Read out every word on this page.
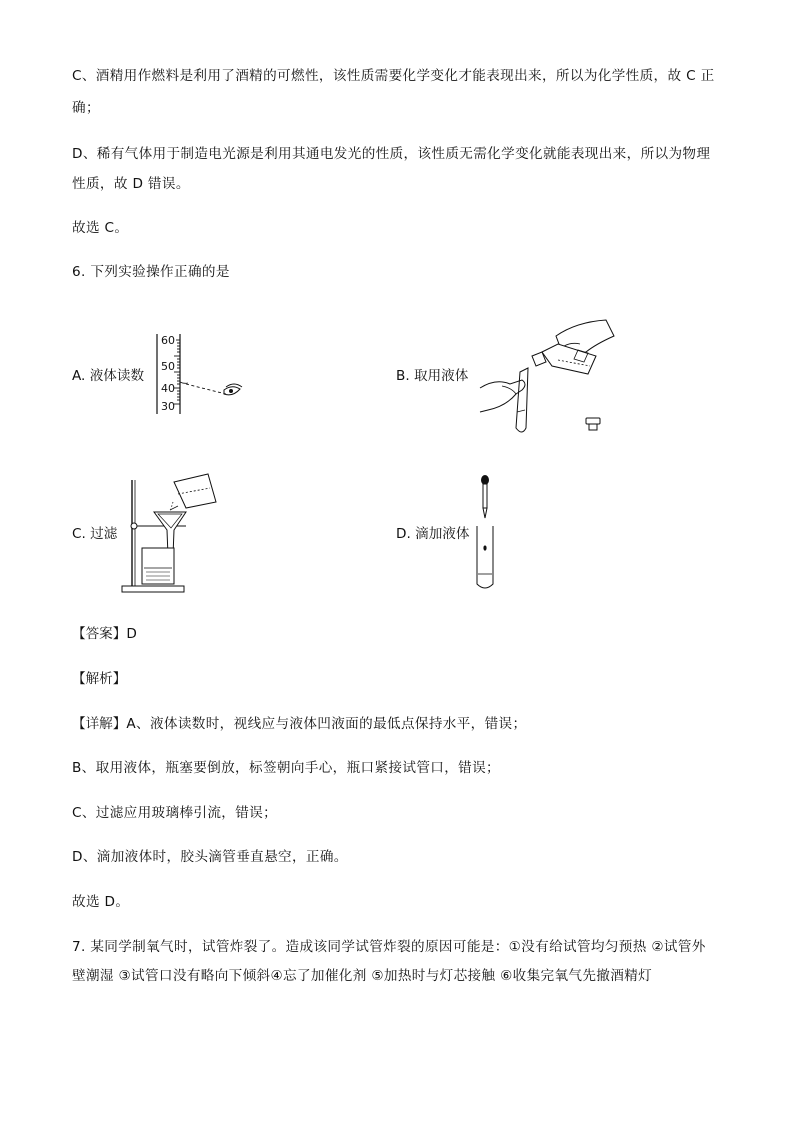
C、酒精用作燃料是利用了酒精的可燃性，该性质需要化学变化才能表现出来，所以为化学性质，故 C 正
确；
D、稀有气体用于制造电光源是利用其通电发光的性质，该性质无需化学变化就能表现出来，所以为物理
性质，故 D 错误。
故选 C。
6. 下列实验操作正确的是
A. 液体读数	B. 取用液体
C. 过滤	D. 滴加液体
60
50
40
30
【答案】D
【解析】
【详解】A、液体读数时，视线应与液体凹液面的最低点保持水平，错误；
B、取用液体，瓶塞要倒放，标签朝向手心，瓶口紧接试管口，错误；
C、过滤应用玻璃棒引流，错误；
D、滴加液体时，胶头滴管垂直悬空，正确。
故选 D。
7. 某同学制氧气时，试管炸裂了。造成该同学试管炸裂的原因可能是：①没有给试管均匀预热 ②试管外
壁潮湿 ③试管口没有略向下倾斜④忘了加催化剂 ⑤加热时与灯芯接触 ⑥收集完氧气先撤酒精灯
